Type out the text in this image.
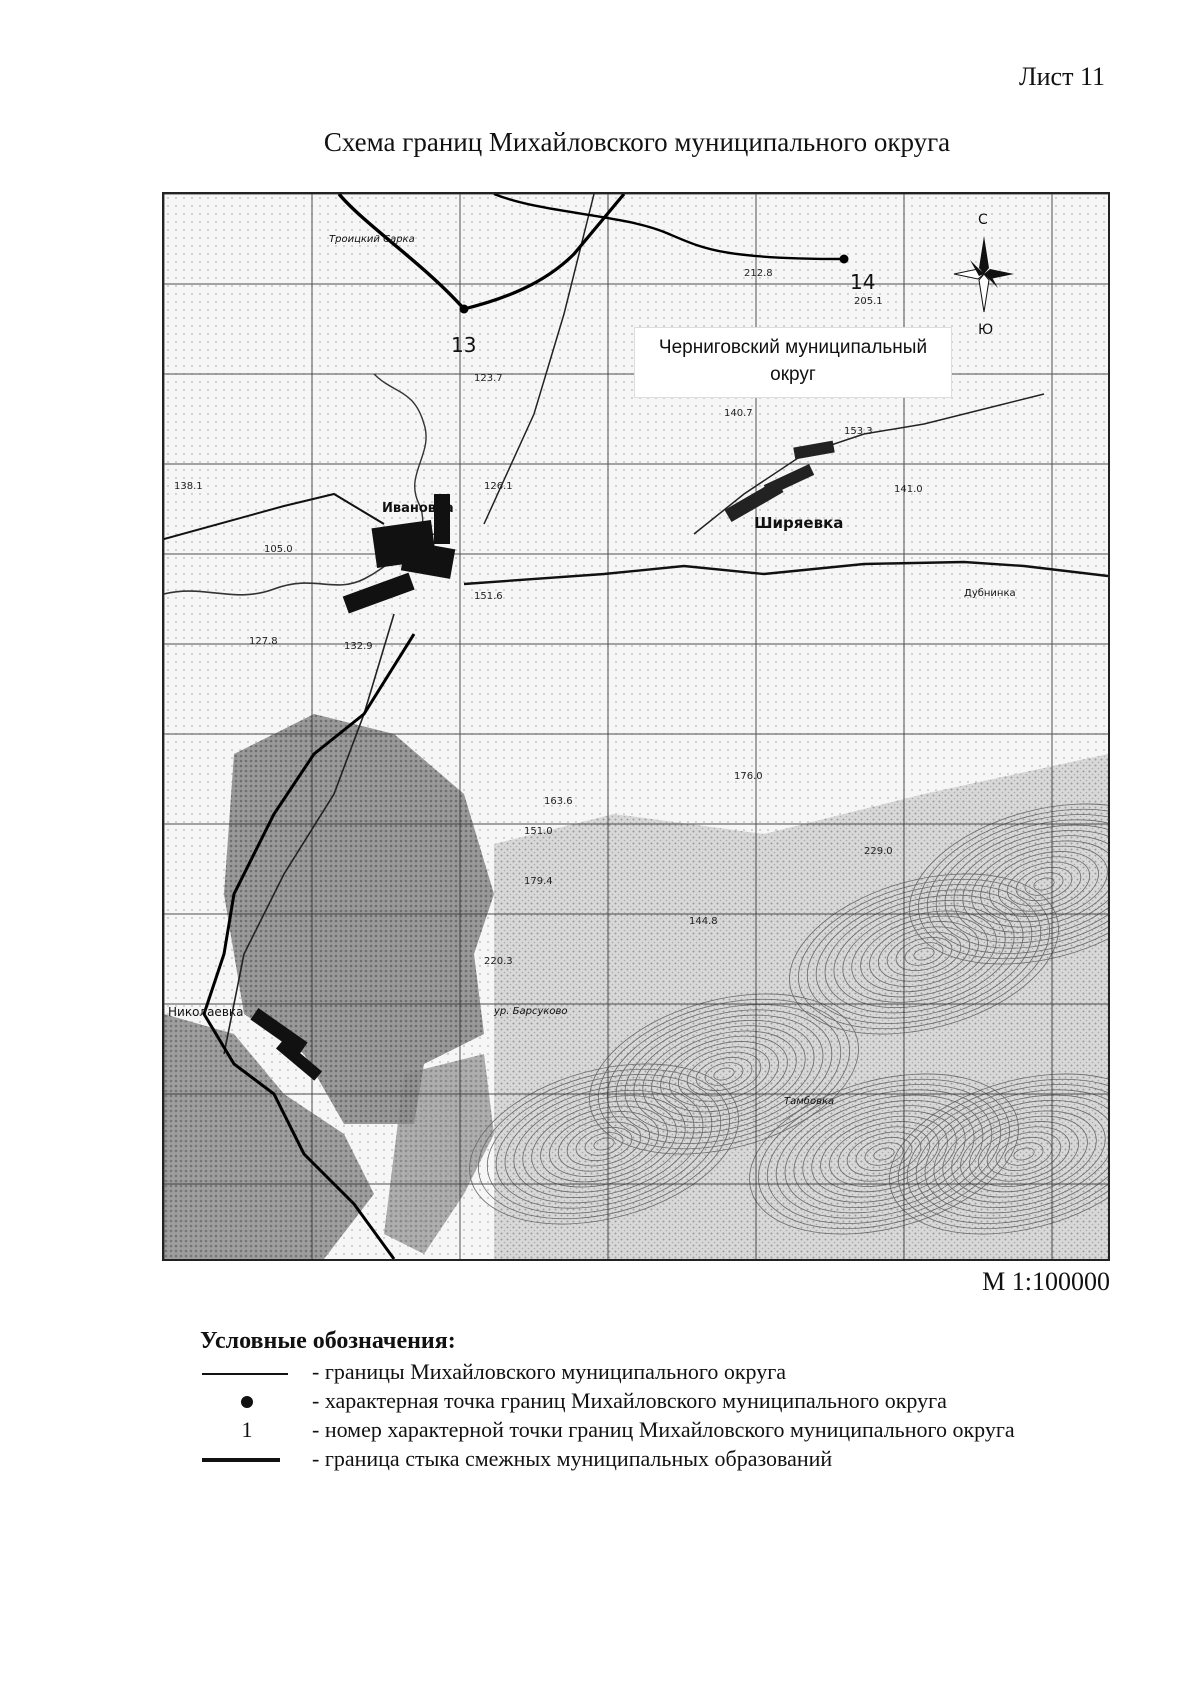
Лист 11
Схема границ Михайловского муниципального округа
С
Ю
13
14
Ивановка
Ширяевка
Троицкий Сарка
Николаевка
Дубнинка
ур. Барсуково
Тамбовка
138.1
105.0
127.8	132.9
163.6
151.0
179.4
229.0
176.0
153.3
212.8
205.1
140.7
126.1
123.7
151.6
141.0
220.3
144.8
Черниговский муниципальный округ
М 1:100000
Условные обозначения:
- границы Михайловского муниципального округа
- характерная точка границ Михайловского муниципального округа
1	- номер характерной точки границ Михайловского муниципального округа
- граница стыка смежных муниципальных образований
